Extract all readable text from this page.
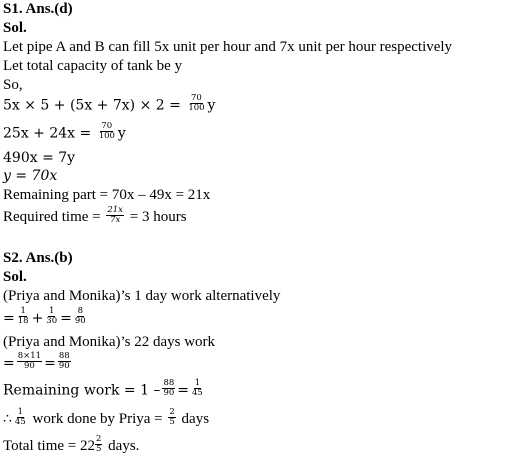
S1. Ans.(d)
Sol.
Let pipe A and B can fill 5x unit per hour and 7x unit per hour respectively
Let total capacity of tank be y
So,
$5x \times 5 + (5x + 7x) \times 2 = \frac{70}{100}$ y
$25x + 24x = \frac{70}{100}$ y
490x = 7y
y = 70x
Remaining part = 70x – 49x = 21x
Required time = $\frac{21x}{7x} = 3$ hours
S2. Ans.(b)
Sol.
(Priya and Monika)’s 1 day work alternatively
= $\frac{1}{18} + \frac{1}{30} = \frac{8}{90}$
(Priya and Monika)’s 22 days work
= $\frac{8\times 11}{90} = \frac{88}{90}$
Remaining work = $1 - \frac{88}{90} = \frac{1}{45}$
∴ $\frac{1}{45}$ work done by Priya = $\frac{2}{5}$ days
Total time = $22 \frac{2}{5}$ days.
